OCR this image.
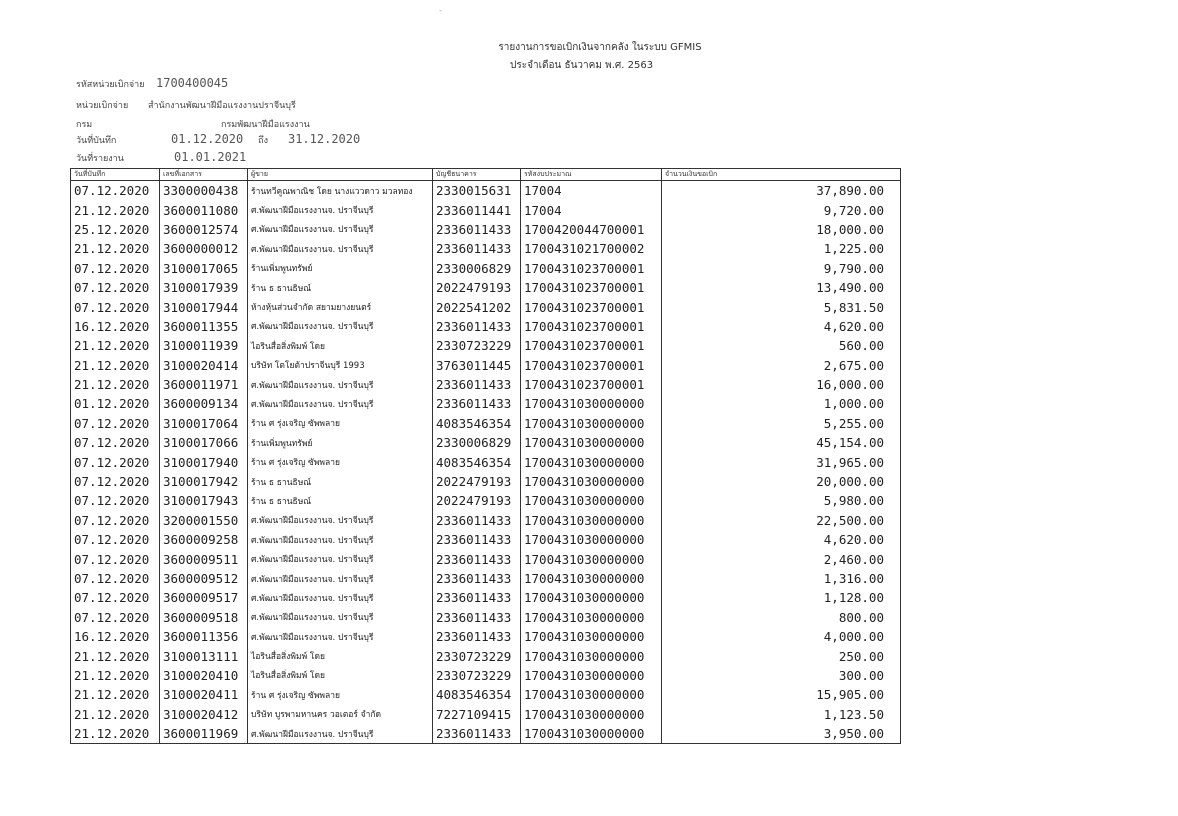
-
รายงานการขอเบิกเงินจากคลัง ในระบบ GFMIS
ประจำเดือน ธันวาคม พ.ศ. 2563
รหัสหน่วยเบิกจ่าย 1700400045
หน่วยเบิกจ่าย สำนักงานพัฒนาฝีมือแรงงานปราจีนบุรี
กรม	กรมพัฒนาฝีมือแรงงาน
วันที่บันทึก	01.12.2020 ถึง 31.12.2020
วันที่รายงาน	01.01.2021
วันที่บันทึก	เลขที่เอกสาร	ผู้ขาย	บัญชีธนาคาร	รหัสงบประมาณ	จำนวนเงินขอเบิก
07.12.2020	3300000438	ร้านทวีคูณพาณิช โดย นางแววดาว มวลทอง	2330015631	17004	37,890.00
21.12.2020	3600011080	ศ.พัฒนาฝีมือแรงงานจ. ปราจีนบุรี	2336011441	17004	9,720.00
25.12.2020	3600012574	ศ.พัฒนาฝีมือแรงงานจ. ปราจีนบุรี	2336011433	1700420044700001	18,000.00
21.12.2020	3600000012	ศ.พัฒนาฝีมือแรงงานจ. ปราจีนบุรี	2336011433	1700431021700002	1,225.00
07.12.2020	3100017065	ร้านเพิ่มพูนทรัพย์	2330006829	1700431023700001	9,790.00
07.12.2020	3100017939	ร้าน ธ ธานธิษณ์	2022479193	1700431023700001	13,490.00
07.12.2020	3100017944	ห้างหุ้นส่วนจำกัด สยามยางยนตร์	2022541202	1700431023700001	5,831.50
16.12.2020	3600011355	ศ.พัฒนาฝีมือแรงงานจ. ปราจีนบุรี	2336011433	1700431023700001	4,620.00
21.12.2020	3100011939	ไอรินสื่อสิ่งพิมพ์ โดย	2330723229	1700431023700001	560.00
21.12.2020	3100020414	บริษัท โตโยต้าปราจีนบุรี 1993	3763011445	1700431023700001	2,675.00
21.12.2020	3600011971	ศ.พัฒนาฝีมือแรงงานจ. ปราจีนบุรี	2336011433	1700431023700001	16,000.00
01.12.2020	3600009134	ศ.พัฒนาฝีมือแรงงานจ. ปราจีนบุรี	2336011433	1700431030000000	1,000.00
07.12.2020	3100017064	ร้าน ศ รุ่งเจริญ ซัพพลาย	4083546354	1700431030000000	5,255.00
07.12.2020	3100017066	ร้านเพิ่มพูนทรัพย์	2330006829	1700431030000000	45,154.00
07.12.2020	3100017940	ร้าน ศ รุ่งเจริญ ซัพพลาย	4083546354	1700431030000000	31,965.00
07.12.2020	3100017942	ร้าน ธ ธานธิษณ์	2022479193	1700431030000000	20,000.00
07.12.2020	3100017943	ร้าน ธ ธานธิษณ์	2022479193	1700431030000000	5,980.00
07.12.2020	3200001550	ศ.พัฒนาฝีมือแรงงานจ. ปราจีนบุรี	2336011433	1700431030000000	22,500.00
07.12.2020	3600009258	ศ.พัฒนาฝีมือแรงงานจ. ปราจีนบุรี	2336011433	1700431030000000	4,620.00
07.12.2020	3600009511	ศ.พัฒนาฝีมือแรงงานจ. ปราจีนบุรี	2336011433	1700431030000000	2,460.00
07.12.2020	3600009512	ศ.พัฒนาฝีมือแรงงานจ. ปราจีนบุรี	2336011433	1700431030000000	1,316.00
07.12.2020	3600009517	ศ.พัฒนาฝีมือแรงงานจ. ปราจีนบุรี	2336011433	1700431030000000	1,128.00
07.12.2020	3600009518	ศ.พัฒนาฝีมือแรงงานจ. ปราจีนบุรี	2336011433	1700431030000000	800.00
16.12.2020	3600011356	ศ.พัฒนาฝีมือแรงงานจ. ปราจีนบุรี	2336011433	1700431030000000	4,000.00
21.12.2020	3100013111	ไอรินสื่อสิ่งพิมพ์ โดย	2330723229	1700431030000000	250.00
21.12.2020	3100020410	ไอรินสื่อสิ่งพิมพ์ โดย	2330723229	1700431030000000	300.00
21.12.2020	3100020411	ร้าน ศ รุ่งเจริญ ซัพพลาย	4083546354	1700431030000000	15,905.00
21.12.2020	3100020412	บริษัท บูรพามหานคร วอเตอร์ จำกัด	7227109415	1700431030000000	1,123.50
21.12.2020	3600011969	ศ.พัฒนาฝีมือแรงงานจ. ปราจีนบุรี	2336011433	1700431030000000	3,950.00
